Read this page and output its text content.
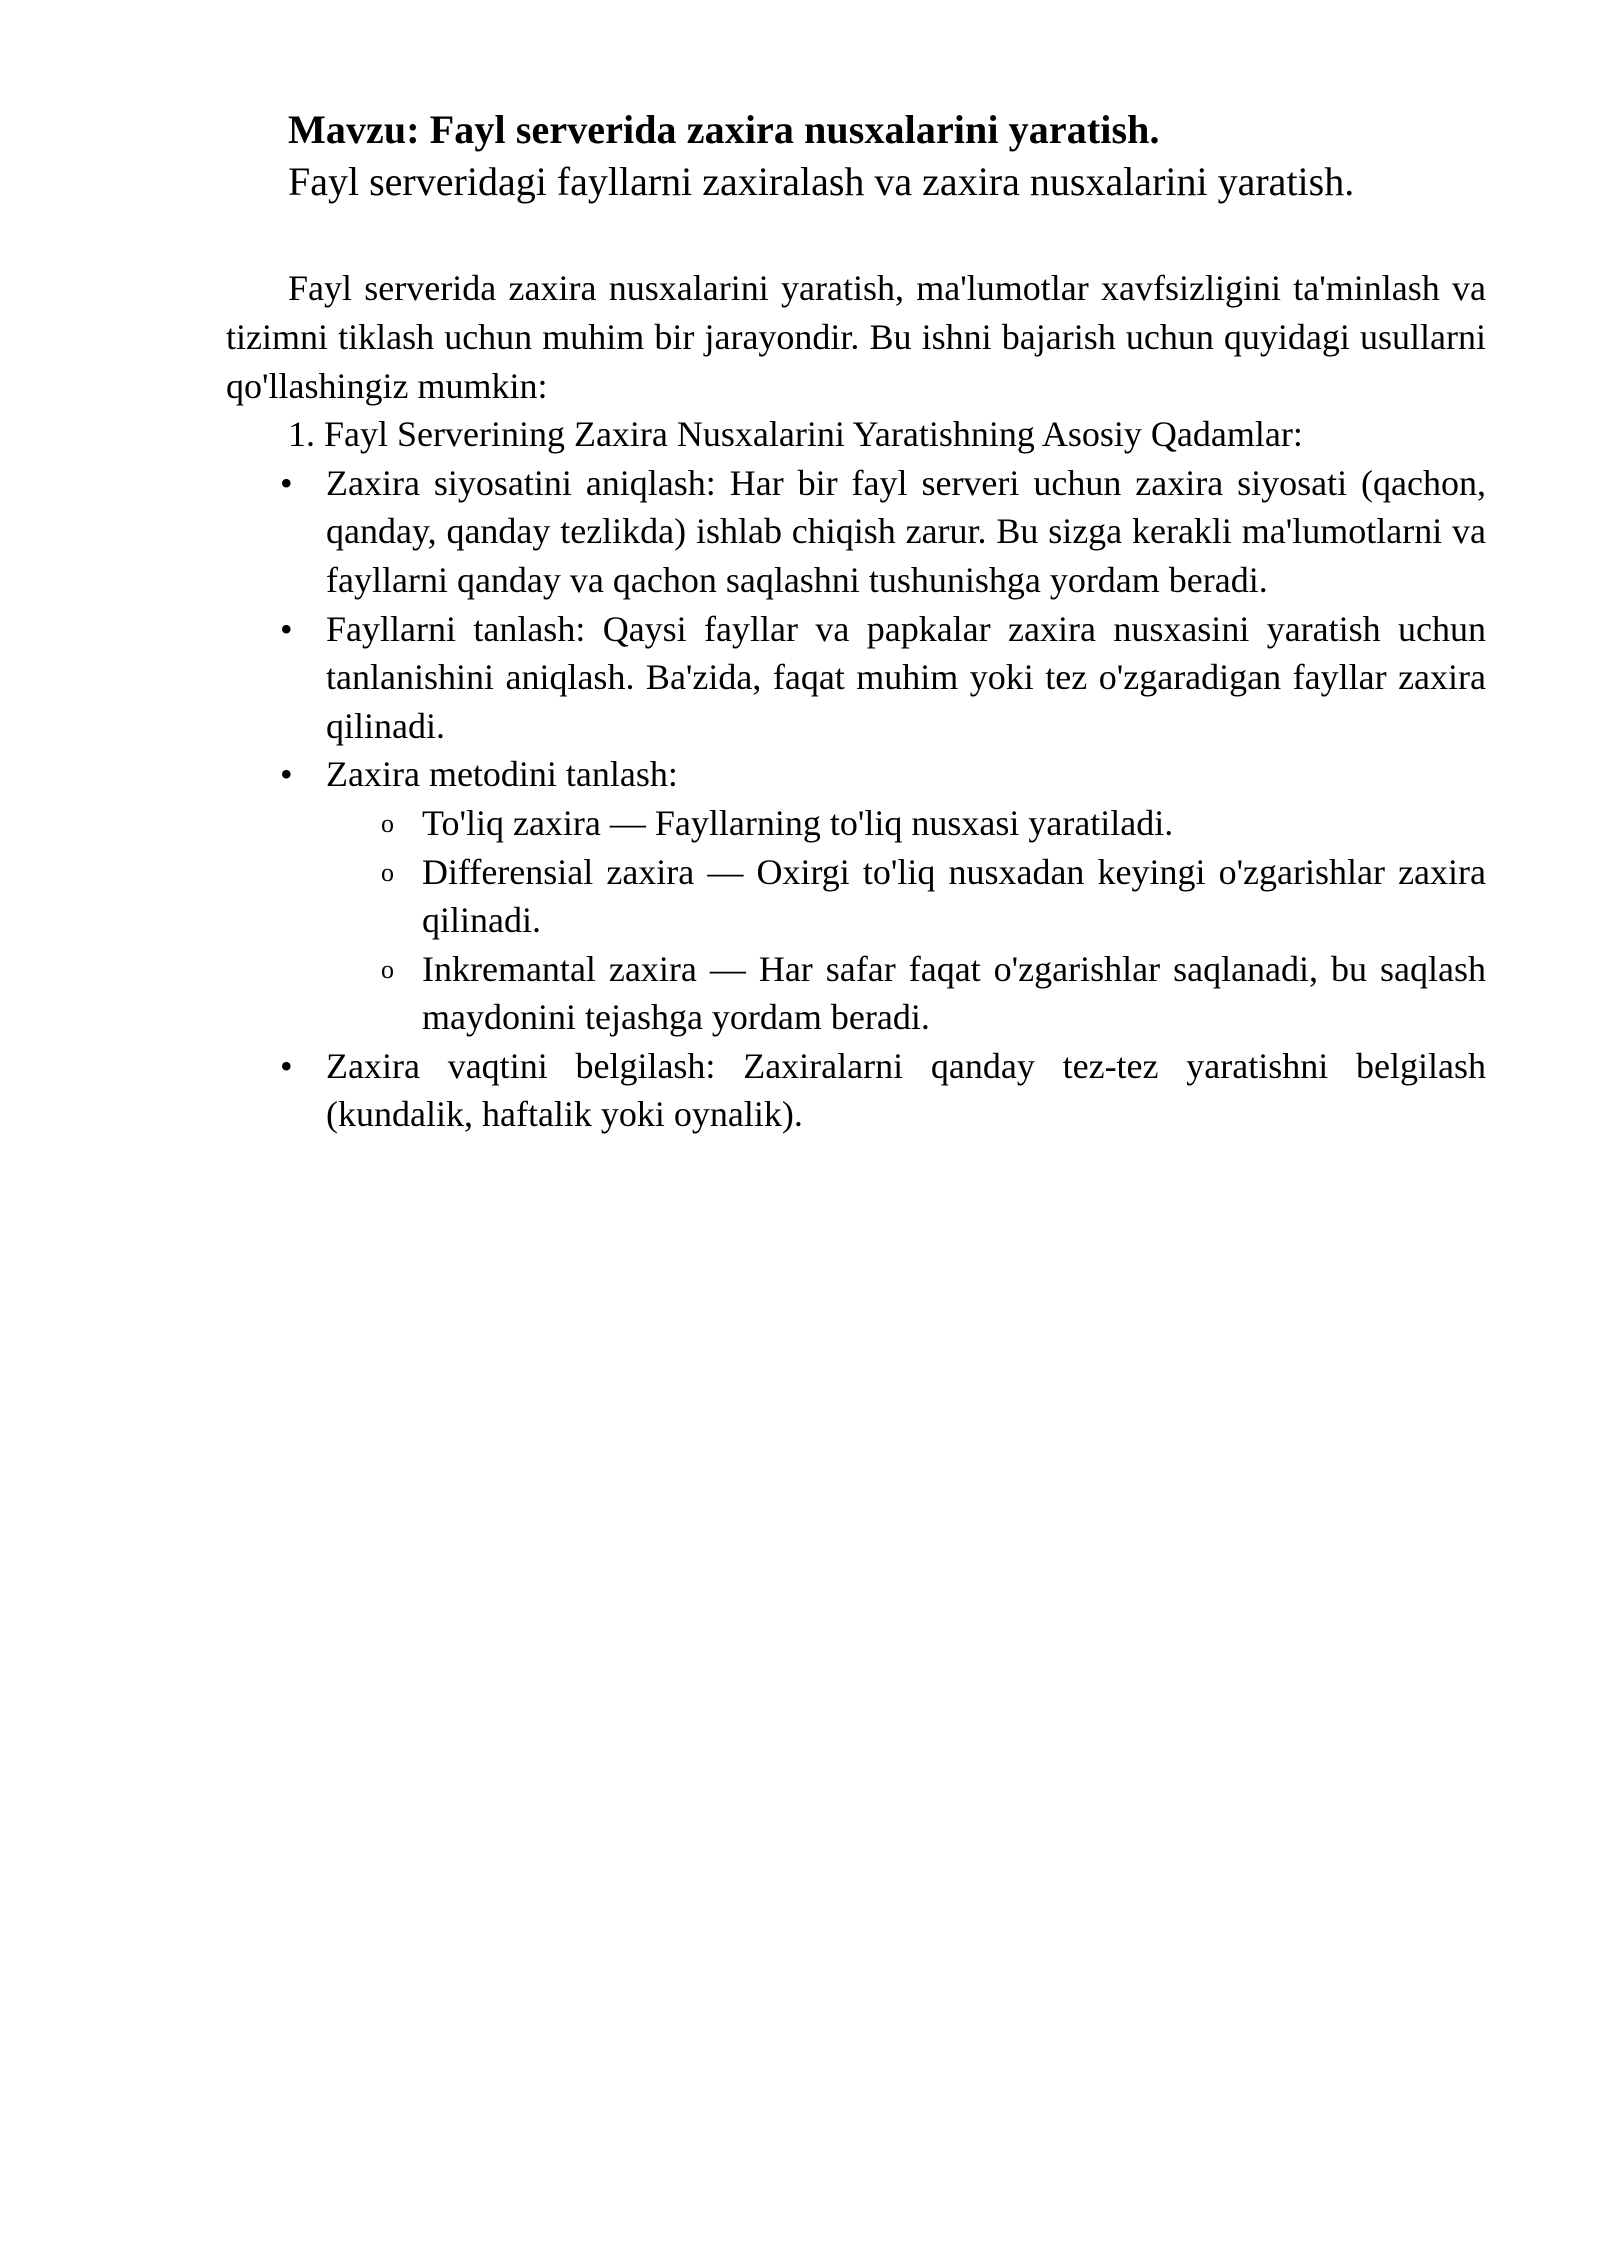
Mavzu: Fayl serverida zaxira nusxalarini yaratish.

Fayl serveridagi fayllarni zaxiralash va zaxira nusxalarini yaratish.

Fayl serverida zaxira nusxalarini yaratish, ma'lumotlar xavfsizligini ta'minlash va tizimni tiklash uchun muhim bir jarayondir. Bu ishni bajarish uchun quyidagi usullarni qo'llashingiz mumkin:

1. Fayl Serverining Zaxira Nusxalarini Yaratishning Asosiy Qadamlar:

• Zaxira siyosatini aniqlash: Har bir fayl serveri uchun zaxira siyosati (qachon, qanday, qanday tezlikda) ishlab chiqish zarur. Bu sizga kerakli ma'lumotlarni va fayllarni qanday va qachon saqlashni tushunishga yordam beradi.
• Fayllarni tanlash: Qaysi fayllar va papkalar zaxira nusxasini yaratish uchun tanlanishini aniqlash. Ba'zida, faqat muhim yoki tez o'zgaradigan fayllar zaxira qilinadi.
• Zaxira metodini tanlash:
o To'liq zaxira — Fayllarning to'liq nusxasi yaratiladi.
o Differensial zaxira — Oxirgi to'liq nusxadan keyingi o'zgarishlar zaxira qilinadi.
o Inkremantal zaxira — Har safar faqat o'zgarishlar saqlanadi, bu saqlash maydonini tejashga yordam beradi.
• Zaxira vaqtini belgilash: Zaxiralarni qanday tez-tez yaratishni belgilash (kundalik, haftalik yoki oynalik).
